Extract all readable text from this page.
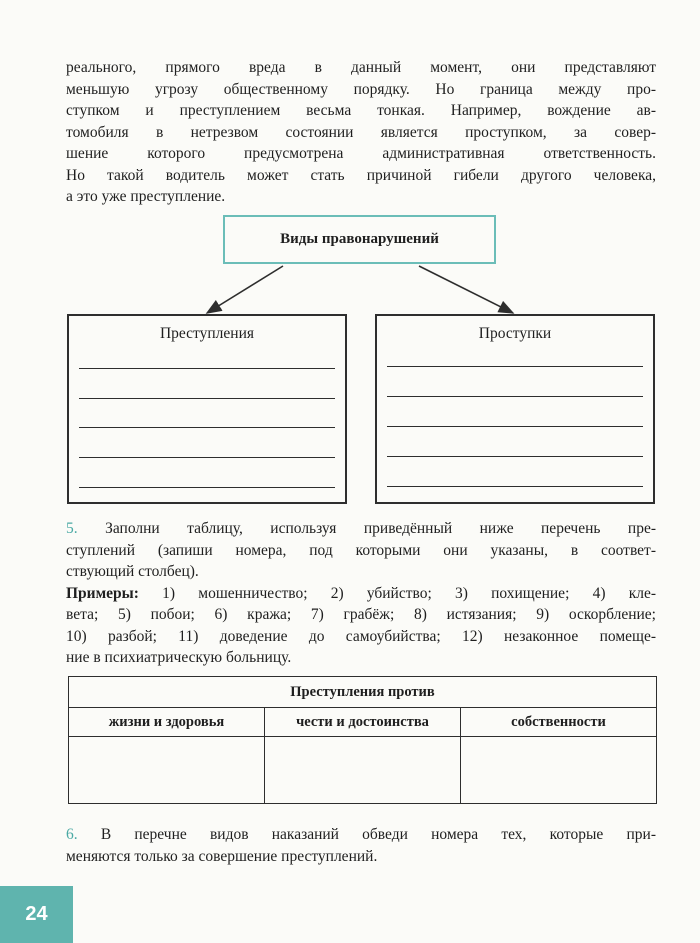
реального, прямого вреда в данный момент, они представляют
меньшую угрозу общественному порядку. Но граница между про-
ступком и преступлением весьма тонкая. Например, вождение ав-
томобиля в нетрезвом состоянии является проступком, за совер-
шение которого предусмотрена административная ответственность.
Но такой водитель может стать причиной гибели другого человека,
а это уже преступление.
Виды правонарушений
Преступления	Проступки
5. Заполни таблицу, используя приведённый ниже перечень пре-
ступлений (запиши номера, под которыми они указаны, в соответ-
ствующий столбец).
Примеры: 1) мошенничество; 2) убийство; 3) похищение; 4) кле-
вета; 5) побои; 6) кража; 7) грабёж; 8) истязания; 9) оскорбление;
10) разбой; 11) доведение до самоубийства; 12) незаконное помеще-
ние в психиатрическую больницу.
Преступления против		
жизни и здоровья	чести и достоинства	собственности

6. В перечне видов наказаний обведи номера тех, которые при-
меняются только за совершение преступлений.
24
